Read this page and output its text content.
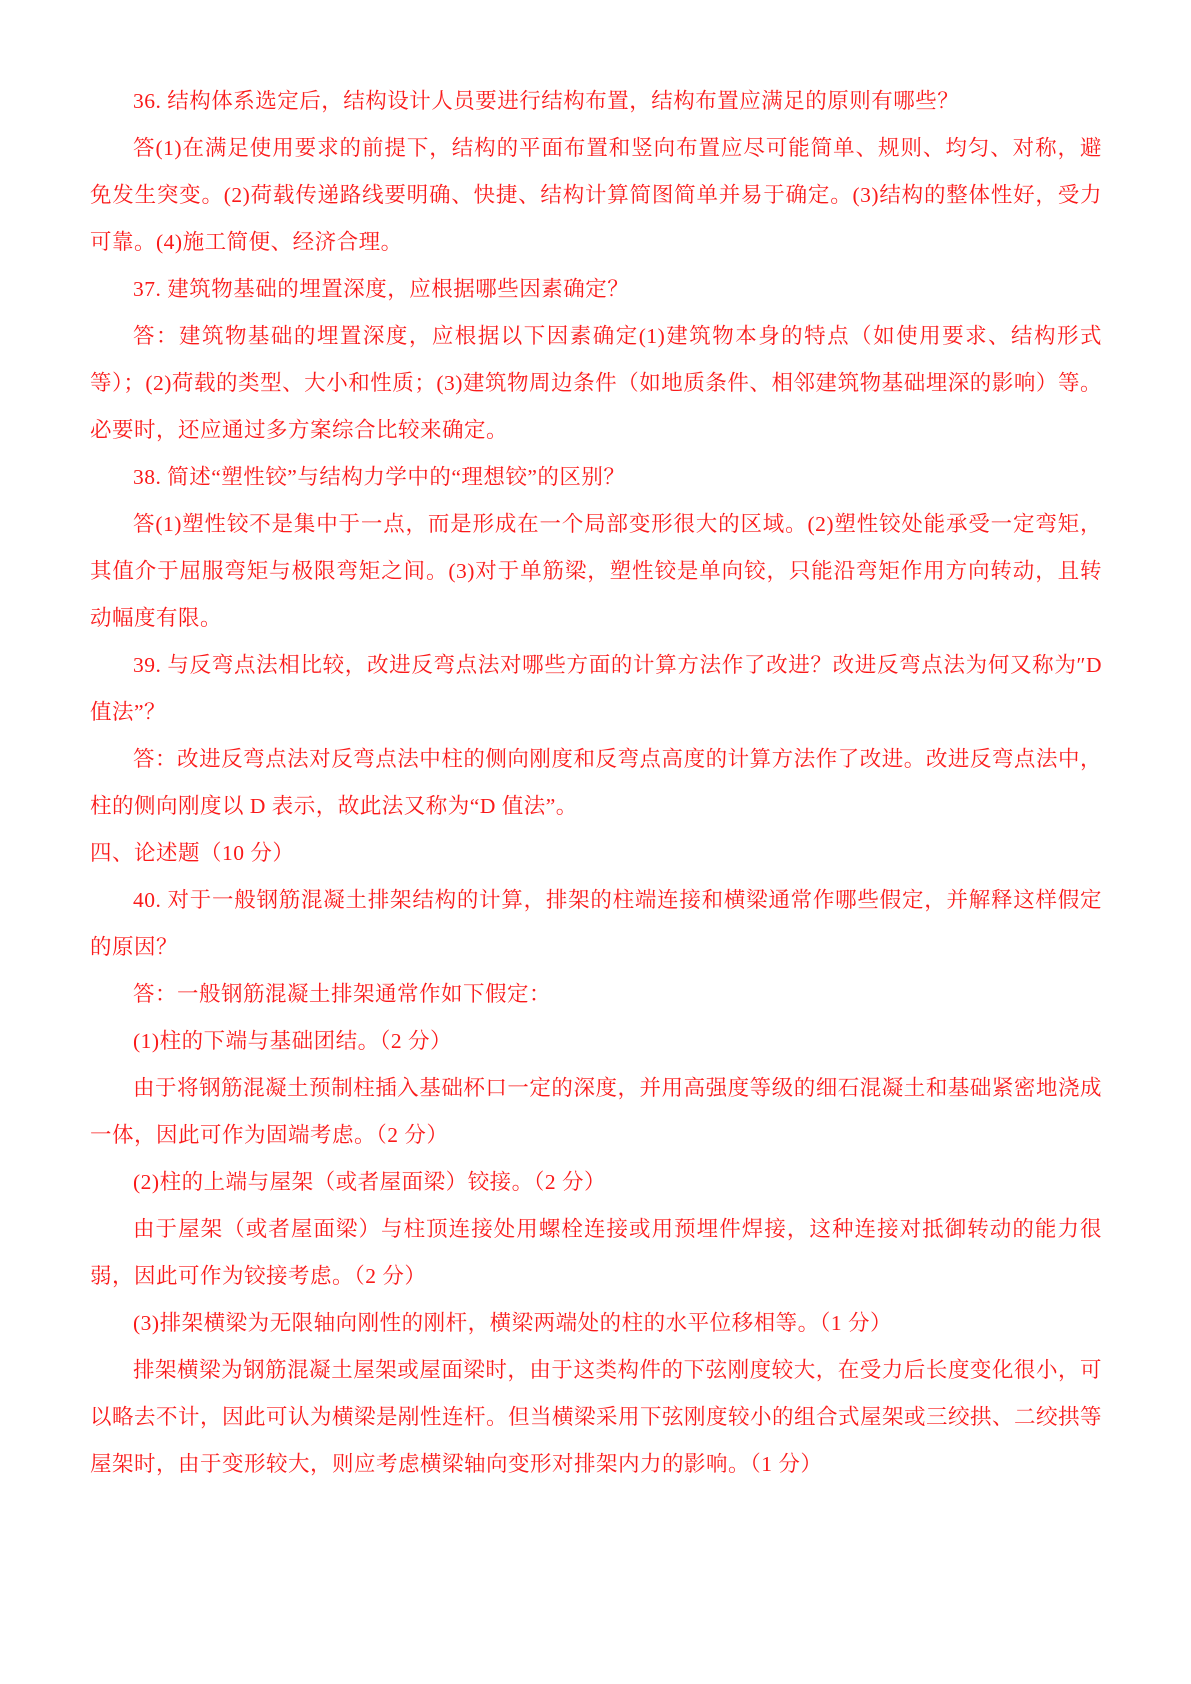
36. 结构体系选定后，结构设计人员要进行结构布置，结构布置应满足的原则有哪些？

答(1)在满足使用要求的前提下，结构的平面布置和竖向布置应尽可能简单、规则、均匀、对称，避免发生突变。(2)荷载传递路线要明确、快捷、结构计算简图简单并易于确定。(3)结构的整体性好，受力可靠。(4)施工简便、经济合理。

37. 建筑物基础的埋置深度，应根据哪些因素确定？

答：建筑物基础的埋置深度，应根据以下因素确定(1)建筑物本身的特点（如使用要求、结构形式等）；(2)荷载的类型、大小和性质；(3)建筑物周边条件（如地质条件、相邻建筑物基础埋深的影响）等。必要时，还应通过多方案综合比较来确定。

38. 简述“塑性铰”与结构力学中的“理想铰”的区别？

答(1)塑性铰不是集中于一点，而是形成在一个局部变形很大的区域。(2)塑性铰处能承受一定弯矩，其值介于屈服弯矩与极限弯矩之间。(3)对于单筋梁，塑性铰是单向铰，只能沿弯矩作用方向转动，且转动幅度有限。

39. 与反弯点法相比较，改进反弯点法对哪些方面的计算方法作了改进？改进反弯点法为何又称为″D值法”？

答：改进反弯点法对反弯点法中柱的侧向刚度和反弯点高度的计算方法作了改进。改进反弯点法中，柱的侧向刚度以 D 表示，故此法又称为“D 值法”。

四、论述题（10 分）

40. 对于一般钢筋混凝土排架结构的计算，排架的柱端连接和横梁通常作哪些假定，并解释这样假定的原因？

答：一般钢筋混凝土排架通常作如下假定：

(1)柱的下端与基础团结。（2 分）

由于将钢筋混凝土预制柱插入基础杯口一定的深度，并用高强度等级的细石混凝土和基础紧密地浇成一体，因此可作为固端考虑。（2 分）

(2)柱的上端与屋架（或者屋面梁）铰接。（2 分）

由于屋架（或者屋面梁）与柱顶连接处用螺栓连接或用预埋件焊接，这种连接对抵御转动的能力很弱，因此可作为铰接考虑。（2 分）

(3)排架横梁为无限轴向刚性的刚杆，横梁两端处的柱的水平位移相等。（1 分）

排架横梁为钢筋混凝土屋架或屋面梁时，由于这类构件的下弦刚度较大，在受力后长度变化很小，可以略去不计，因此可认为横梁是剐性连杆。但当横梁采用下弦刚度较小的组合式屋架或三绞拱、二绞拱等屋架时，由于变形较大，则应考虑横梁轴向变形对排架内力的影响。（1 分）
